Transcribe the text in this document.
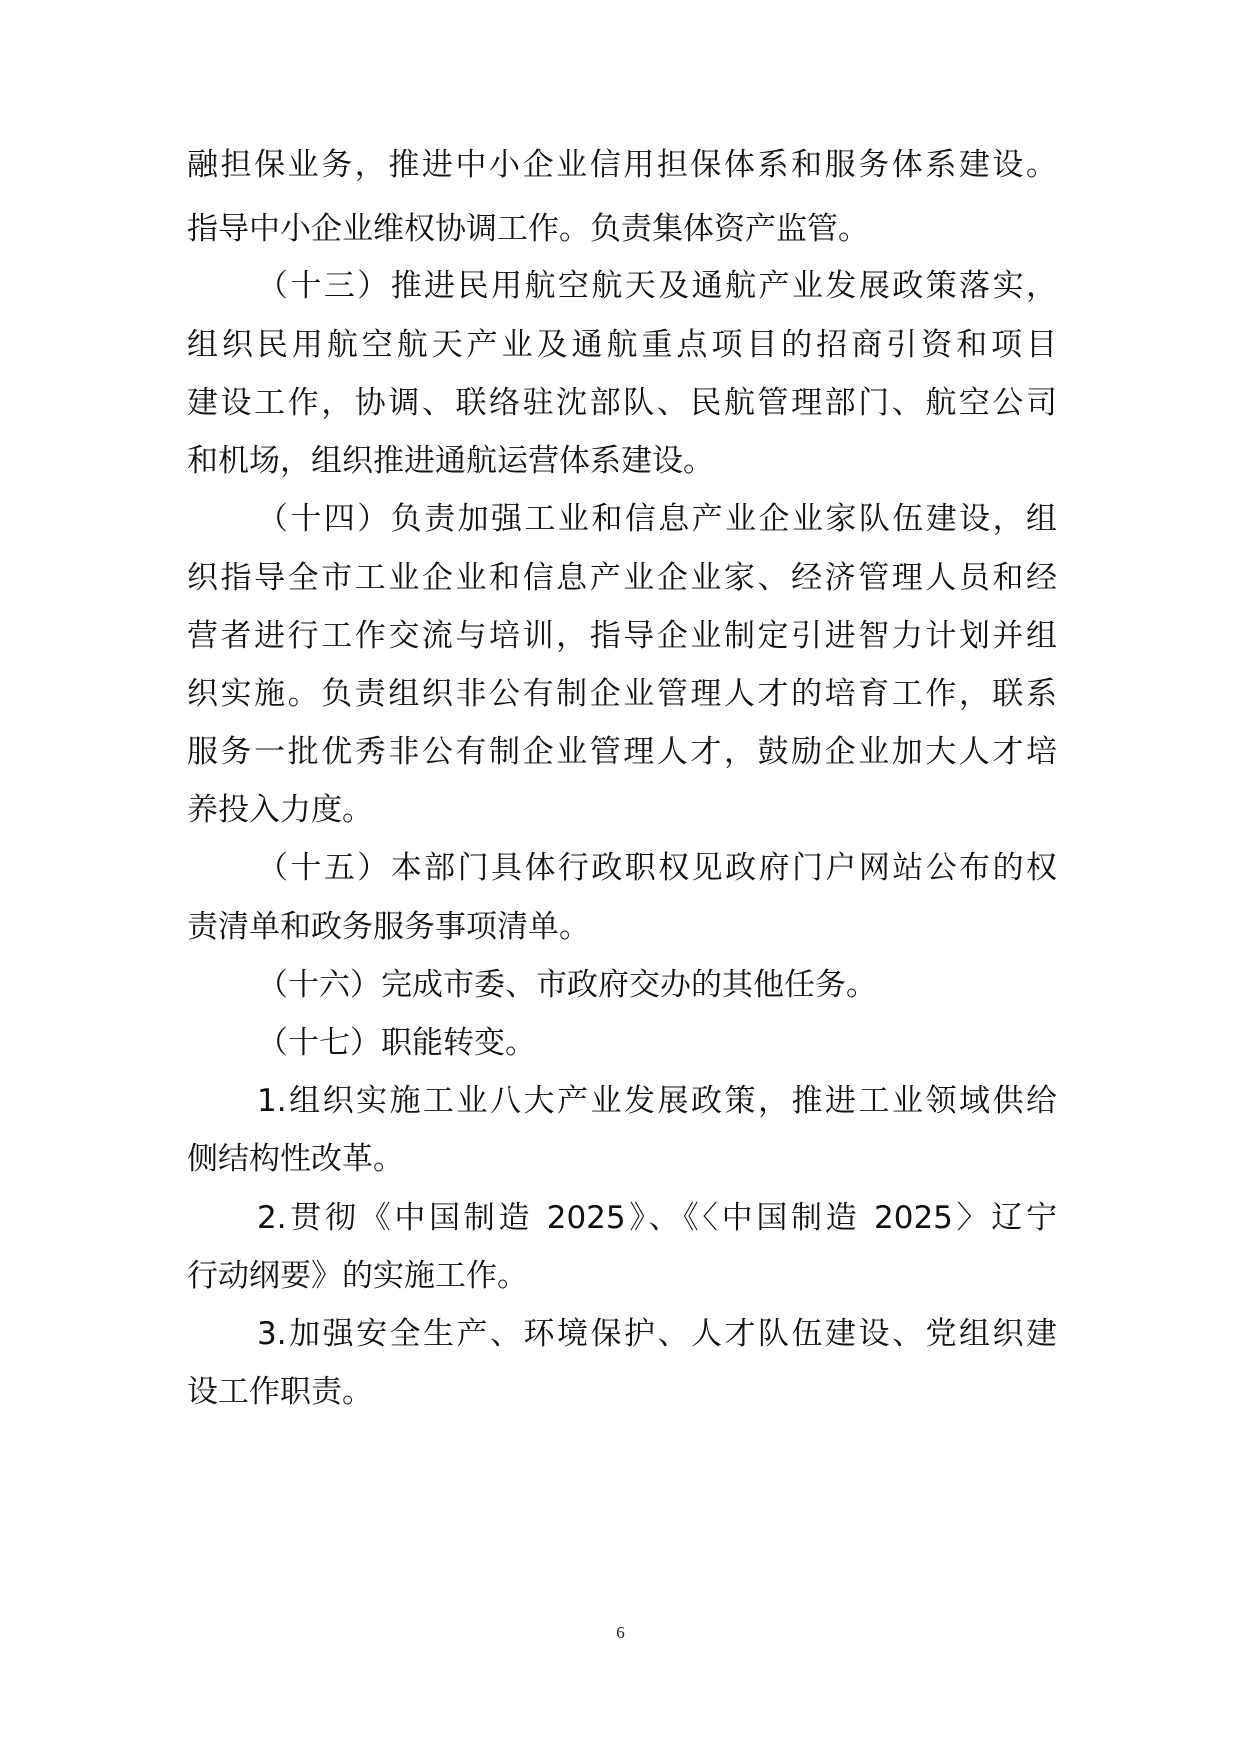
融担保业务，推进中小企业信用担保体系和服务体系建设。
指导中小企业维权协调工作。负责集体资产监管。
（十三）推进民用航空航天及通航产业发展政策落实，
组织民用航空航天产业及通航重点项目的招商引资和项目
建设工作，协调、联络驻沈部队、民航管理部门、航空公司
和机场，组织推进通航运营体系建设。
（十四）负责加强工业和信息产业企业家队伍建设，组
织指导全市工业企业和信息产业企业家、经济管理人员和经
营者进行工作交流与培训，指导企业制定引进智力计划并组
织实施。负责组织非公有制企业管理人才的培育工作，联系
服务一批优秀非公有制企业管理人才，鼓励企业加大人才培
养投入力度。
（十五）本部门具体行政职权见政府门户网站公布的权
责清单和政务服务事项清单。
（十六）完成市委、市政府交办的其他任务。
（十七）职能转变。
1.组织实施工业八大产业发展政策，推进工业领域供给
侧结构性改革。
2.贯彻《中国制造 2025》、《〈中国制造 2025〉辽宁
行动纲要》的实施工作。
3.加强安全生产、环境保护、人才队伍建设、党组织建
设工作职责。
6
